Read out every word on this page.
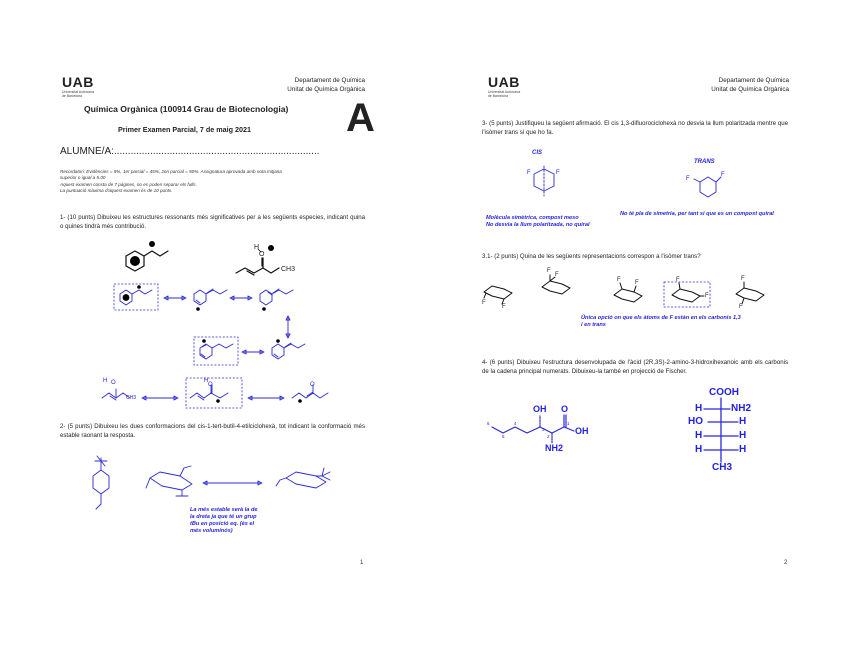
UAB
Universitat Autònoma
de Barcelona
Departament de Química
Unitat de Química Orgànica
Química Orgànica (100914 Grau de Biotecnologia) A
Primer Examen Parcial, 7 de maig 2021
ALUMNE/A:..........................................................................
Recordatori: Evidències = 5%, 1er parcial = 45%, 2on parcial = 50%. Assignatura aprovada amb nota mitjana
superior o igual a 5.00
Aquest examen consta de 7 pàgines, no es poden separar els fulls.
La puntuació màxima d'aquest examen és de 10 punts.
1- (10 punts) Dibuixeu les estructures ressonants més significatives per a les següents especies, indicant quina o quines tindrà més contribució.
H
O
CH3
H O
CH3
H
O	O
2- (5 punts) Dibuixeu les dues conformacions del cis-1-tert-butil-4-etilciclohexà, tot indicant la conformació més estable raonant la resposta.
La més estable serà la de
la dreta ja que té un grup
tBu en posició eq. (és el
més voluminós)
1
UAB
Universitat Autònoma
de Barcelona
Departament de Química
Unitat de Química Orgànica
3- (5 punts) Justifiqueu la següent afirmació. El cis 1,3-difluorociclohexà no desvia la llum polaritzada mentre que l'isòmer trans sí que ho fa.
CIS
TRANS
F	F
F
F
Molècula simètrica, compost meso
No desvia la llum polaritzada, no quiral
No té pla de simetria, per tant sí que es un compost quiral
3.1- (2 punts) Quina de les següents representacions correspon a l'isòmer trans?
F
F
F
F
F F	F
F
F
F
Única opció on que els àtoms de F estàn en els carbonis 1,3
i en trans
4- (6 punts) Dibuixeu l'estructura desenvolupada de l'àcid (2R,3S)-2-amino-3-hidroxihexanoic amb els carbonis de la cadena principal numerats. Dibuixeu-la també en projecció de Fischer.
OH O
OH
NH2
6
5
4
3
2
1
COOH
H	NH2
HO	H
H	H
H	H
CH3
2
